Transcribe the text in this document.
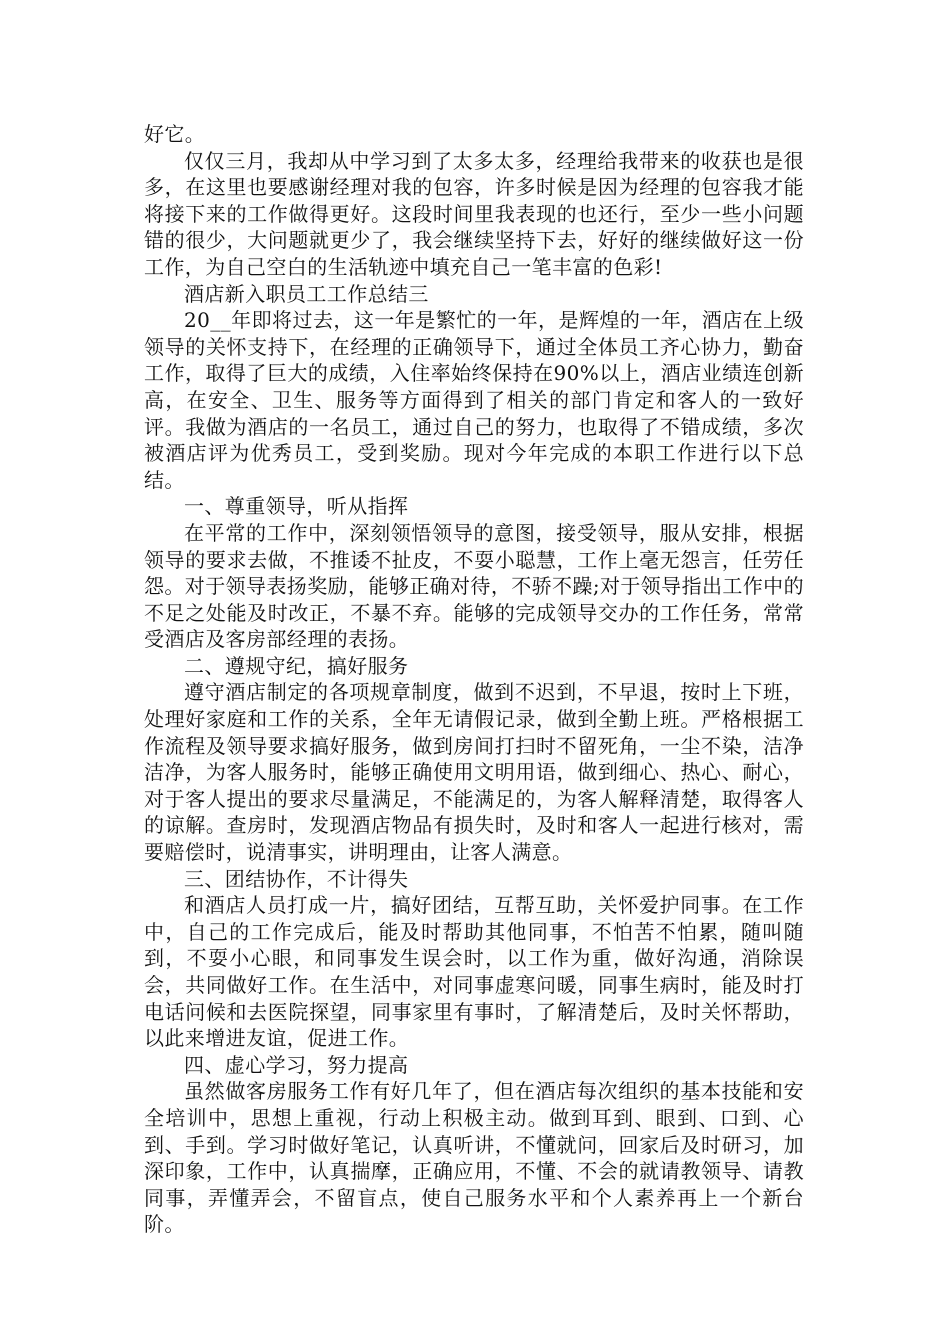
好它。

仅仅三月，我却从中学习到了太多太多，经理给我带来的收获也是很多，在这里也要感谢经理对我的包容，许多时候是因为经理的包容我才能将接下来的工作做得更好。这段时间里我表现的也还行，至少一些小问题错的很少，大问题就更少了，我会继续坚持下去，好好的继续做好这一份工作，为自己空白的生活轨迹中填充自己一笔丰富的色彩!

酒店新入职员工工作总结三

20__年即将过去，这一年是繁忙的一年，是辉煌的一年，酒店在上级领导的关怀支持下，在经理的正确领导下，通过全体员工齐心协力，勤奋工作，取得了巨大的成绩，入住率始终保持在90%以上，酒店业绩连创新高，在安全、卫生、服务等方面得到了相关的部门肯定和客人的一致好评。我做为酒店的一名员工，通过自己的努力，也取得了不错成绩，多次被酒店评为优秀员工，受到奖励。现对今年完成的本职工作进行以下总结。

一、尊重领导，听从指挥

在平常的工作中，深刻领悟领导的意图，接受领导，服从安排，根据领导的要求去做，不推诿不扯皮，不耍小聪慧，工作上毫无怨言，任劳任怨。对于领导表扬奖励，能够正确对待，不骄不躁;对于领导指出工作中的不足之处能及时改正，不暴不弃。能够的完成领导交办的工作任务，常常受酒店及客房部经理的表扬。

二、遵规守纪，搞好服务

遵守酒店制定的各项规章制度，做到不迟到，不早退，按时上下班，处理好家庭和工作的关系，全年无请假记录，做到全勤上班。严格根据工作流程及领导要求搞好服务，做到房间打扫时不留死角，一尘不染，洁净洁净，为客人服务时，能够正确使用文明用语，做到细心、热心、耐心，对于客人提出的要求尽量满足，不能满足的，为客人解释清楚，取得客人的谅解。查房时，发现酒店物品有损失时，及时和客人一起进行核对，需要赔偿时，说清事实，讲明理由，让客人满意。

三、团结协作，不计得失

和酒店人员打成一片，搞好团结，互帮互助，关怀爱护同事。在工作中，自己的工作完成后，能及时帮助其他同事，不怕苦不怕累，随叫随到，不耍小心眼，和同事发生误会时，以工作为重，做好沟通，消除误会，共同做好工作。在生活中，对同事虚寒问暖，同事生病时，能及时打电话问候和去医院探望，同事家里有事时，了解清楚后，及时关怀帮助，以此来增进友谊，促进工作。

四、虚心学习，努力提高

虽然做客房服务工作有好几年了，但在酒店每次组织的基本技能和安全培训中，思想上重视，行动上积极主动。做到耳到、眼到、口到、心到、手到。学习时做好笔记，认真听讲，不懂就问，回家后及时研习，加深印象，工作中，认真揣摩，正确应用，不懂、不会的就请教领导、请教同事，弄懂弄会，不留盲点，使自己服务水平和个人素养再上一个新台阶。
